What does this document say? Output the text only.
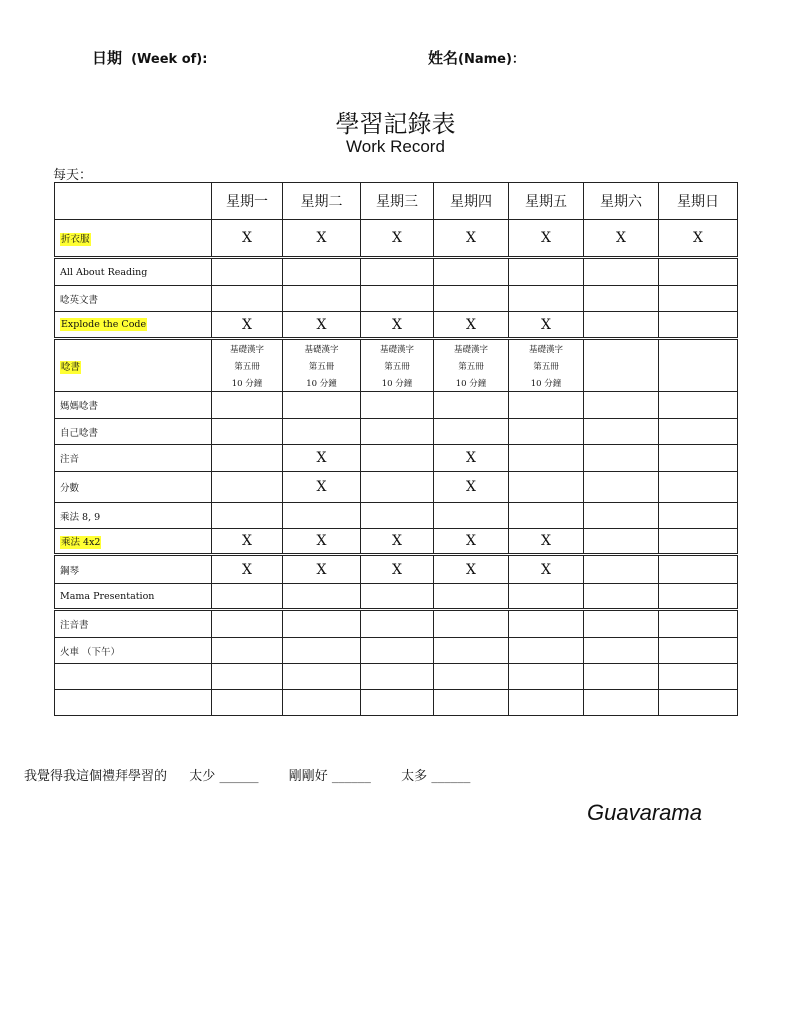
日期 (Week of):	姓名(Name)：
學習記錄表
Work Record
每天：
	星期一	星期二	星期三	星期四	星期五	星期六	星期日
折衣服	X	X	X	X	X	X	X
All About Reading							
唸英文書							
Explode the Code	X	X	X	X	X		
唸書	基礎漢字
第五冊
10 分鐘	基礎漢字
第五冊
10 分鐘	基礎漢字
第五冊
10 分鐘	基礎漢字
第五冊
10 分鐘	基礎漢字
第五冊
10 分鐘		
媽媽唸書							
自己唸書							
注音		X		X			
分數		X		X			
乘法 8, 9							
乘法 4x2	X	X	X	X	X		
鋼琴	X	X	X	X	X		
Mama Presentation							
注音書							
火車 （下午）							

我覺得我這個禮拜學習的 太少 ______ 剛剛好 ______ 太多 ______
Guavarama
